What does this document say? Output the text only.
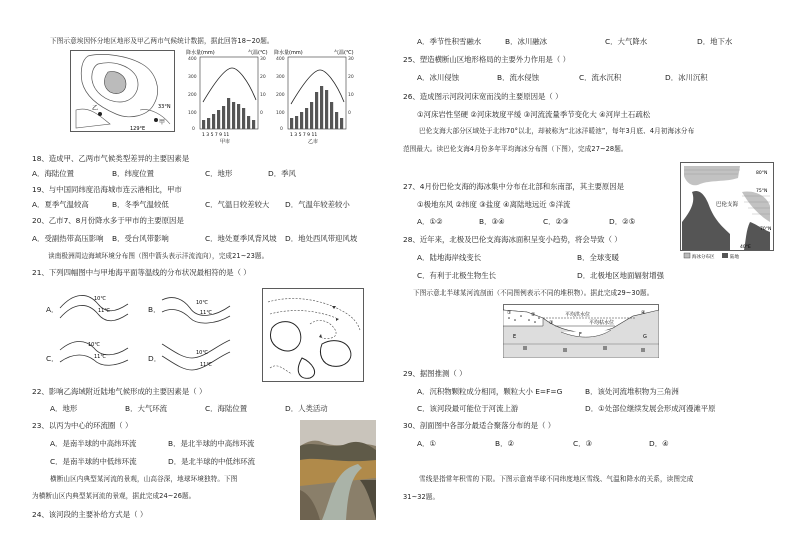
下图示意埃因怀分地区地形及甲乙两市气候统计数据，据此回答18~20题。
甲
乙	33°N
129°E
降水量(mm)	气温(℃)
400
300
200
100
0
30
20
10
0
1 3 5 7 9 11
甲市
降水量(mm)	气温(℃)
400
300
200
100
0
30
20
10
0
1 3 5 7 9 11
乙市
18、造成甲、乙两市气候类型差异的主要因素是
A．海陆位置	B．纬度位置	C．地形	D．季风
19、与中国同纬度沿海城市连云港相比，甲市
A．夏季气温较高	B．冬季气温较低	C．气温日较差较大 D．气温年较差较小
20、乙市7、8月份降水多于甲市的主要原因是
A．受副热带高压影响 B．受台风带影响	C．地处夏季风背风坡 D．地处西风带迎风坡
读南极洲周边海域环境分布图（图中箭头表示洋流流向），完成21~23题。
21、下列四幅图中与甲地海平面等温线的分布状况最相符的是（ ）
A．
10℃
11℃	B．
10℃
11℃
C．
10℃
11℃	D．
10℃
11℃
22、影响乙海域附近陆地气候形成的主要因素是（ ）
A．地形	B．大气环流	C．海陆位置	D．人类活动
23、以丙为中心的环流圈（ ）
A．是南半球的中高纬环流	B．是北半球的中高纬环流
C．是南半球的中低纬环流	D．是北半球的中低纬环流
横断山区内典型某河流的景观，山高谷深，地球环境独特。下图
为横断山区内典型某河流的景观，据此完成24~26题。
24、该河段的主要补给方式是（ ）
A．季节性积雪融水	B．冰川融冰	C．大气降水	D．地下水
25、塑造横断山区地形格局的主要外力作用是（ ）
A．冰川侵蚀	B．流水侵蚀	C．流水沉积	D．冰川沉积
26、造成图示河段河床宽而浅的主要原因是（ ）
①河床岩性坚硬 ②河床坡度平缓 ③河流流量季节变化大 ④河岸土石疏松
巴伦支海大部分区域处于北纬70°以北，却被称为“北冰洋暖池”，每年3月底、4月初海冰分布
范围最大。读巴伦支海4月份多年平均海冰分布图（下图），完成27~28题。
巴伦支海
80°N
75°N
70°N
40°E
海冰分布区	陆地
27、4月份巴伦支海的海冰集中分布在北部和东南部，其主要原因是
①极地东风 ②纬度 ③盐度 ④离陆地远近 ⑤洋流
A．①②	B．③④	C．②③	D．②⑤
28、近年来，北极及巴伦支海海冰面积呈变小趋势，将会导致（ ）
A．陆地海岸线变长	B．全球变暖
C．有利于北极生物生长	D．北极地区地面辐射增强
下图示意北半球某河流剖面（不同图例表示不同的堆积物）。据此完成29~30题。
平均洪水位
平均枯水位
①	②
③
④
E	F	G
29、据图推测（ ）
A．沉积物颗粒成分相同，颗粒大小 E=F=G	B．该处河流堆积物为三角洲
C．该河段最可能位于河流上游	D．①处部位继续发展会形成河漫滩平原
30、剖面图中各部分最适合聚落分布的是（ ）
A．①	B．②	C．③	D．④
雪线是指常年积雪的下限。下图示意南半球不同纬度地区雪线、气温和降水的关系，读图完成
31~32题。
